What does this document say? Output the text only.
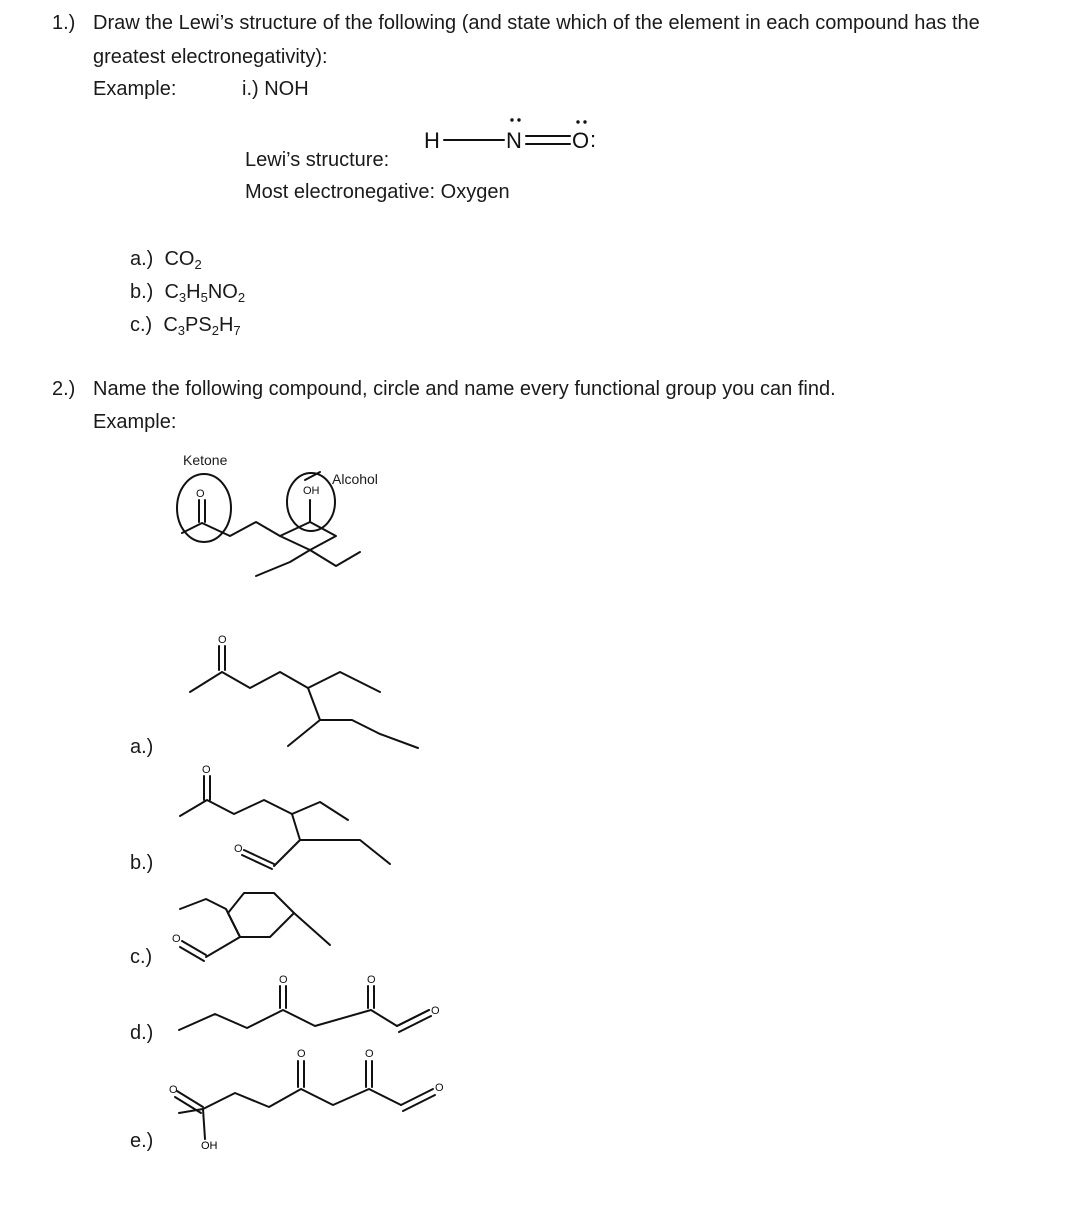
1.) Draw the Lewi’s structure of the following (and state which of the element in each compound has the
greatest electronegativity):
Example:	i.) NOH
H	N O :
Lewi’s structure:
Most electronegative: Oxygen
a.) $CO_2$
b.) $C_3H_5NO_2$
c.) $C_3PS_2H_7$
2.) Name the following compound, circle and name every functional group you can find.
Example:
Ketone
Alcohol
O	OH
a.)
b.)
c.)
d.)
e.)
O
O
O
O
O	O
O
O
OH
O	O
O
